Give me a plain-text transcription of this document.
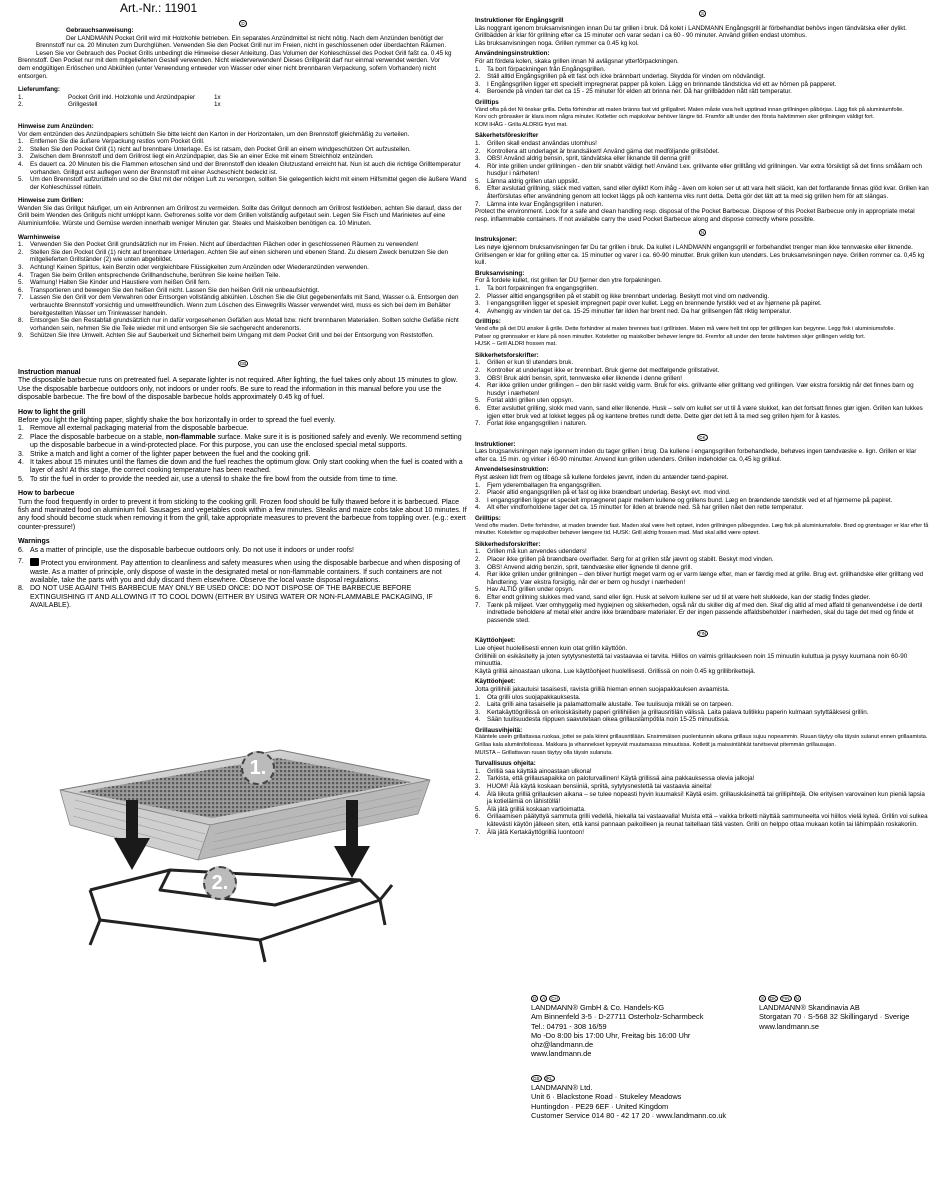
Art.-Nr.: 11901
D

Gebrauchsanweisung:

Der LANDMANN Pocket Grill wird mit Holzkohle betrieben. Ein separates Anzündmittel ist nicht nötig. Nach dem Anzünden benötigt der

Brennstoff nur ca. 20 Minuten zum Durchglühen. Verwenden Sie den Pocket Grill nur im Freien, nicht in geschlossenen oder überdachten Räumen.

Lesen Sie vor Gebrauch des Pocket Grills unbedingt die Hinweise dieser Anleitung. Das Volumen der Kohleschüssel des Pocket Grill faßt ca. 0.45 kg

Brennstoff. Den Pocket nur mit dem mitgelieferten Gestell verwenden. Nicht wiederverwenden! Dieses Grillgerät darf nur einmal verwendet werden. Vor

dem endgültigen Erlöschen und Abkühlen (unter Verwendung entweder von Wasser oder einer nicht brennbaren Verpackung, sofern Vorhanden) nicht

entsorgen.

Lieferumfang:

1.	Pocket Grill inkl. Holzkohle und Anzündpapier	1x
2.	Grillgestell	1x

Hinweise zum Anzünden:

Vor dem entzünden des Anzündpapiers schütteln Sie bitte leicht den Karton in der Horizontalen, um den Brennstoff gleichmäßig zu verteilen.

1.	Entfernen Sie die äußere Verpackung restlos vom Pocket Grill.
2.	Stellen Sie den Pocket Grill (1) nicht auf brennbare Unterlage. Es ist ratsam, den Pocket Grill an einem windgeschützen Ort aufzustellen.
3.	Zwischen dem Brennstoff und dem Grillrost liegt ein Anzündpapier, das Sie an einer Ecke mit einem Streichholz entzünden.
4.	Es dauert ca. 20 Minuten bis die Flammen erloschen sind und der Brennstoff den idealen Glutzustand erreicht hat. Nun ist auch die richtige Grilltemperatur vorhanden. Grillgut erst auflegen wenn der Brennstoff mit einer Ascheschicht bedeckt ist.
5.	Um den Brennstoff aufzurütteln und so die Glut mit der nötigen Luft zu versorgen, sollten Sie gelegentlich leicht mit einem Hilfsmittel gegen die äußere Wand der Kohleschüssel rütteln.

Hinweise zum Grillen:

Wenden Sie das Grillgut häufiger, um ein Anbrennen am Grillrost zu vermeiden. Sollte das Grillgut dennoch am Grillrost festkleben, achten Sie darauf, dass der Grill beim Wenden des Grillguts nicht umkippt kann. Gefrorenes sollte vor dem Grillen vollständig aufgetaut sein. Legen Sie Fisch und Marinietes auf eine Aluminiumfolie. Würste und Gemüse werden innerhalb weniger Minuten gar. Steaks und Maiskolben benötigen ca. 10 Minuten.

Warnhinweise

1.	Verwenden Sie den Pocket Grill grundsätzlich nur im Freien. Nicht auf überdachten Flächen oder in geschlossenen Räumen zu verwenden!
2.	Stellen Sie den Pocket Grill (1) nicht auf brennbare Unterlagen. Achten Sie auf einen sicheren und ebenen Stand. Zu diesem Zweck benutzen Sie den mitgelieferten Grillständer (2) wie unten abgebildet.
3.	Achtung! Keinen Spiritus, kein Benzin oder vergleichbare Flüssigkeiten zum Anzünden oder Wiederanzünden verwenden.
4.	Tragen Sie beim Grillen entsprechende Grillhandschuhe, berühren Sie keine heißen Teile.
5.	Warnung! Halten Sie Kinder und Haustiere vom heißen Grill fern.
6.	Transportieren und bewegen Sie den heißen Grill nicht. Lassen Sie den heißen Grill nie unbeaufsichtigt.
7.	Lassen Sie den Grill vor dem Verwahren oder Entsorgen vollständig abkühlen. Löschen Sie die Glut gegebenenfalls mit Sand, Wasser o.ä. Entsorgen den verbrauchte Brennstoff vorsichtig und umweltfreundlich. Wenn zum Löschen des Einwegrills Wasser verwendet wird, muss es sich bei dem im Behälter bereitgestellten Wasser um Trinkwasser handeln.
8.	Entsorgen Sie den Restabfall grundsätzlich nur in dafür vorgesehenen Gefäßen aus Metall bzw. nicht brennbaren Materialien. Sollten solche Gefäße nicht vorhanden sein, nehmen Sie die Teile wieder mit und entsorgen Sie sie sachgerecht anderenorts.
9.	Schützen Sie Ihre Umwelt. Achten Sie auf Sauberkeit und Sicherheit beim Umgang mit dem Pocket Grill und bei der Entsorgung von Reststoffen.
GB

Instruction manual

The disposable barbecue runs on pretreated fuel. A separate lighter is not required. After lighting, the fuel takes only about 15 minutes to glow. Use the disposable barbecue outdoors only, not indoors or under roofs. Be sure to read the information in this manual before you use the disposable barbecue. The fire bowl of the disposable barbecue holds approximately 0.45 kg of fuel.

How to light the grill

Before you light the lighting paper, slightly shake the box horizontally in order to spread the fuel evenly.

1. Remove all external packaging material from the disposable barbecue.
2. Place the disposable barbecue on a stable, non-flammable surface. Make sure it is is positioned safely and evenly. We recommend setting up the disposable barbecue in a wind-protected place. For this purpose, you can use the enclosed special metal supports.
3. Strike a match and light a corner of the lighter paper between the fuel and the cooking grill.
4. It takes about 15 minutes until the flames die down and the fuel reaches the optimum glow. Only start cooking when the fuel is coated with a layer of ash! At this stage, the correct cooking temperature has been reached.
5. To stir the fuel in order to provide the needed air, use a utensil to shake the fire bowl from the outside from time to time.

How to barbecue

Turn the food frequently in order to prevent it from sticking to the cooking grill. Frozen food should be fully thawed before it is barbecued. Place fish and marinated food on aluminium foil. Sausages and vegetables cook within a few minutes. Steaks and maize cobs take about 10 minutes. If any food should become stuck when removing it from the grill, take appropriate measures to prevent the barbecue from toppling over. (e.g.: exert counter-pressure!)

Warnings

6. As a matter of principle, use the disposable barbecue outdoors only. Do not use it indoors or under roofs!
7.	Protect you environment. Pay attention to cleanliness and safety measures when using the disposable barbecue and when disposing of waste. As a matter of principle, only dispose of waste in the designated metal or non-flammable containers. If such containers are not available, take the parts with you and duly discard them elsewhere. Observe the local waste disposal regulations.
8. DO NOT USE AGAIN! THIS BARBECUE MAY ONLY BE USED ONCE: DO NOT DISPOSE OF THE BARBECUE BEFORE EXTINGUISHING IT AND ALLOWING IT TO COOL DOWN (EITHER BY USING WATER OR NON-FLAMMABLE PACKAGING, IF AVAILABLE).
1.
2.
S

Instruktioner för Engångsgrill

Läs noggrant igenom bruksanvisningen innan Du tar grillen i bruk. Då kolet i LANDMANN Engångsgrill är förbehandlat behövs ingen tändvätska eller dylikt.

Grillbädden är klar för grillning efter ca 15 minuter och varar sedan i ca 60 - 90 minuter. Använd grillen endast utomhus.

Läs bruksanvisningen noga. Grillen rymmer ca 0.45 kg kol.

Användningsinstruktion:

För att fördela kolen, skaka grillen innan Ni avlägsnar ytterförpackningen.

1.	Ta bort förpackningen från Engångsgrillen.
2.	Ställ alltid Engångsgrillen på ett fast och icke brännbart underlag. Skydda för vinden om nödvändigt.
3.	I Engångsgrillen ligger ett speciellt impregnerat papper på kolen. Lägg en brinnande tändsticka vid ett av hörnen på papperet.
4.	Beroende på vinden tar det ca 15 - 25 minuter för elden att brinna ner. Då har grillbädden nått rätt temperatur.

Grilltips

Vänd ofta på det Ni önskar grilla. Detta förhindrar att maten bränns fast vid grillgallret. Maten måste vara helt upptinad innan grillningen påbörjas. Lägg fisk på aluminiumfolie.

Korv och grönsaker är klara inom några minuter. Kotletter och majskolvar behöver längre tid. Framför allt under den första halvtimmen sker grillningen väldigt fort.

KOM IHÅG - Grilla ALDRIG fryst mat.

Säkerhetsföreskrifter

1.	Grillen skall endast användas utomhus!
2.	Kontrollera att underlaget är brandsäkert! Använd gärna det medföljande grillstödet.
3.	OBS! Använd aldrig bensin, sprit, tändvätska eller liknande till denna grill!
4.	Rör inte grillen under grillningen - den blir snabbt väldigt het! Använd t.ex. grillvante eller grilltång vid grillningen. Var extra försiktigt så det finns smååarn och husdjur i närheten!
5.	Lämna aldrig grillen utan uppsikt.
6.	Efter avslutad grillning, släck med vatten, sand eller dylikt! Kom ihåg - även om kolen ser ut att vara helt släckt, kan det fortfarande finnas glöd kvar. Grillen kan återförslutas efter användning genom att locket läggs på och kanterna viks runt detta. Detta gör det lätt att ta med sig grillen hem för att slängas.
7.	Lämna inte kvar Engångsgrillen i naturen.

Protect the environment. Look for a safe and clean handling resp. disposal of the Pocket Barbecue. Dispose of this Pocket Barbecue only in appropriate metal resp. inflammable containers. If not available carry the used Pocket Barbecue along and dispose correctly where possible.

N

Instruksjoner:

Les nøye igjennom bruksanvisningen før Du tar grillen i bruk. Da kullet i LANDMANN engangsgrill er forbehandlet trenger man ikke tennvæske eller liknende. Grillsengen er klar for grilling etter ca. 15 minutter og varer i ca. 60-90 minutter. Bruk grillen kun utendørs. Les bruksanvisningen nøye. Grillen rommer ca. 0,45 kg kull.

Bruksanvisning:

For å fordele kullet, rist grillen før DU fjerner den ytre forpakningen.

1.	Ta bort forpakningen fra engangsgrillen.
2.	Plasser alltid engangsgrillen på et stabilt og ikke brennbart underlag. Beskytt mot vind om nødvendig.
3.	I engangsgrillen ligger et spesielt impregnert papir over kullet. Legg en brennende fyrstikk ved et av hjørnene på papiret.
4.	Avhengig av vinden tar det ca. 15-25 minutter før ilden har brent ned. Da har grillsengen fått riktig temperatur.

Grilltips:

Vend ofte på det DU ønsker å grille. Dette forhindrer at maten brennes fast i grillristen. Maten må være helt tint opp før grillingen kan begynne. Legg fisk i aluminiumsfolie.

Pølser og grønnsaker er klare på noen minutter. Koteletter og maiskolber behøver lengre tid. Fremfor alt under den første halvtimen skjer grillingen veldig fort.

HUSK – Grill ALDRI frossen mat.

Sikkerhetsforskrifter:

1.	Grillen er kun til utendørs bruk.
2.	Kontroller at underlaget ikke er brennbart. Bruk gjerne det medfølgende grillstativet.
3.	OBS! Bruk aldri bensin, sprit, tennvæske eller liknende i denne grillen!
4.	Rør ikke grillen under grillingen – den blir raskt veldig varm. Bruk for eks. grillvante eller grilltang ved grillingen. Vær ekstra forsiktig når det finnes barn og husdyr i nærheten!
5.	Forlat aldri grillen uten oppsyn.
6.	Etter avsluttet grilling, slokk med vann, sand eller liknende. Husk – selv om kullet ser ut til å være slukket, kan det fortsatt finnes glør igjen. Grillen kan lukkes igjen etter bruk ved at lokket legges på og kantene brettes rundt dette. Dette gjør det lett å ta med seg grillen hjem for å kastes.
7.	Forlat ikke engangsgrillen i naturen.
DK

Instruktioner:

Læs brugsanvisningen nøje igennem inden du tager grillen i brug. Da kullene i engangsgrillen forbehandlede, behøves ingen tændvæske e. lign. Grillen er klar efter ca. 15 min. og virker i 60-90 minutter. Anvend kun grillen udendørs. Grillen indeholder ca. 0,45 kg grillkul.

Anvendelsesinstruktion:

Ryst æsken lidt frem og tilbage så kullene fordeles jævnt, inden du antænder tænd-papiret.

1.	Fjern yderemballagen fra engangsgrillen.
2.	Placér altid engangsgrillen på et fast og ikke brændbart underlag. Beskyt evt. mod vind.
3.	I engangsgrillen ligger et specielt imprægneret papir mellem kullene og grillens bund. Læg en brændende tændstik ved et af hjørnerne på papiret.
4.	Alt efter vindforholdene tager det ca. 15 minutter for ilden at brænde ned. Så har grillen nået den rette temperatur.

Grilltips:

Vend ofte maden. Dette forhindrer, at maden brænder fast. Maden skal være helt optøet, inden grillningen påbegyndes. Læg fisk på aluminiumsfolie. Brød og grøntsager er klar efter få minutter. Koteletter og majskolber behøver længere tid. HUSK: Grill aldrig frossen mad. Mad skal altid være optøet.

Sikkerhedsforskrifter:

1.	Grillen må kun anvendes udendørs!
2.	Placer ikke grillen på brændbare overflader. Sørg for at grillen står jævnt og stabilt. Beskyt mod vinden.
3.	OBS! Anvend aldrig benzin, sprit, tændvæske eller lignende til denne grill.
4.	Rør ikke grillen under grillningen – den bliver hurtigt meget varm og er varm længe efter, man er færdig med at grille. Brug evt. grillhandske eller grilltang ved håndtering. Vær ekstra forsigtig, når der er børn og husdyr i nærheden!
5.	Hav ALTID grillen under opsyn.
6.	Efter endt grillning slukkes med vand, sand eller lign. Husk at selvom kullene ser ud til at være helt slukkede, kan der stadig findes gløder.
7.	Tænk på miljøet. Vær omhyggelig med hygiejnen og sikkerheden, også når du skiller dig af med den. Skaf dig altid af med affald til genanvendelse i de dertil indrettede beholdere af metal eller andre ikke brændbare materialer. Er der ingen passende affaldsbeholder i nærheden, skal du tage det med og finde et passende sted.
FIN

Käyttöohjeet:

Lue ohjeet huolellisesti ennen kuin otat grillin käyttöön.

Grillihiili on esikäsitelty ja joten sytytysnestettä tai vastaavaa ei tarvita. Hiillos on valmis grillaukseen noin 15 minuutin kuluttua ja pysyy kuumana noin 60-90 minuuttia.

Käytä grilliä ainoastaan ulkona. Lue käyttöohjeet huolellisesti. Grillissä on noin 0.45 kg grillibrikettejä.

Käyttöohjeet:

Jotta grillihiili jakautuisi tasaisesti, ravista grilliä hieman ennen suojapakkauksen avaamista.

1.	Ota grilli ulos suojapakkauksesta.
2.	Laita grilli aina tasaiselle ja palamattomalle alustalle. Tee tuulisuoja mikäli se on tarpeen.
3.	Kertakäyttögrillissä on erikoiskäsitelty paperi grillihiilien ja grillausritilän välissä. Laita palava tulitikku paperin kulmaan sytyttääksesi grillin.
4.	Sään tuulisuudesta riippuen saavutetaan oikea grillauslämpötila noin 15-25 minuutissa.

Grillausvihjeitä:

Kääntele usein grillattavaa ruokaa, jottei se pala kiinni grillausritilään. Ensimmäisen puolentunnin aikana grillaus sujuu nopeammin. Ruuan täytyy olla täysin sulanut ennen grillaamista. Grillaa kala alumiinifoliossa. Makkara ja vihannekset kypsyvät muutamassa minuutissa. Kotletit ja maissintähkät tarvitsevat pitemmän grillausajan.

MUISTA – Grillattavan ruuan täytyy olla täysin sulanuta.

Turvallisuus ohjeita:

1.	Grilliä saa käyttää ainoastaan ulkona!
2.	Tarkista, että grillausapaikka on paloturvallinen! Käytä grillissä aina pakkauksessa olevia jalkoja!
3.	HUOM! Älä käytä koskaan bensiiniä, spriitä, sytytysnestettä tai vastaavia aineita!
4.	Älä liikuta grilliä grillauksen aikana – se tulee nopeasti hyvin kuumaksi! Käytä esim. grillauskäsinettä tai grillipihtejä. Ole erityisen varovainen kun pieniä lapsia ja kotieläimiä on lähistöllä!
5.	Älä jätä grilliä koskaan vartioimatta.
6.	Grillaamisen päätyttyä sammuta grilli vedellä, hiekalla tai vastaavalla! Muista että – vaikka briketti näyttää sammuneelta voi hiillos vielä kyteä. Grillin voi sulkea kätevästi käytön jälkeen siten, että kansi pannaan paikoilleen ja reunat taitellaan tätä vasten. Grilli on helppo ottaa mukaan kotiin tai lähimpään roskakoriin.
7.	Älä jätä Kertakäyttögrilliä luontoon!
D	A	CH

LANDMANN® GmbH & Co. Handels-KG

Am Binnenfeld 3-5 · D-27711 Osterholz-Scharmbeck

Tel.: 04791 - 308 16/59

Mo -Do 8:00 bis 17:00 Uhr, Freitag bis 16:00 Uhr

ohz@landmann.de

www.landmann.de

S	DK	FIN	N

LANDMANN® Skandinavia AB

Storgatan 70 · S-568 32 Skillingaryd · Sverige

www.landmann.se

GB	IRL

LANDMANN® Ltd.

Unit 6 · Blackstone Road · Stukeley Meadows

Huntingdon · PE29 6EF · United Kingdom

Customer Service 014 80 - 42 17 20 · www.landmann.co.uk
